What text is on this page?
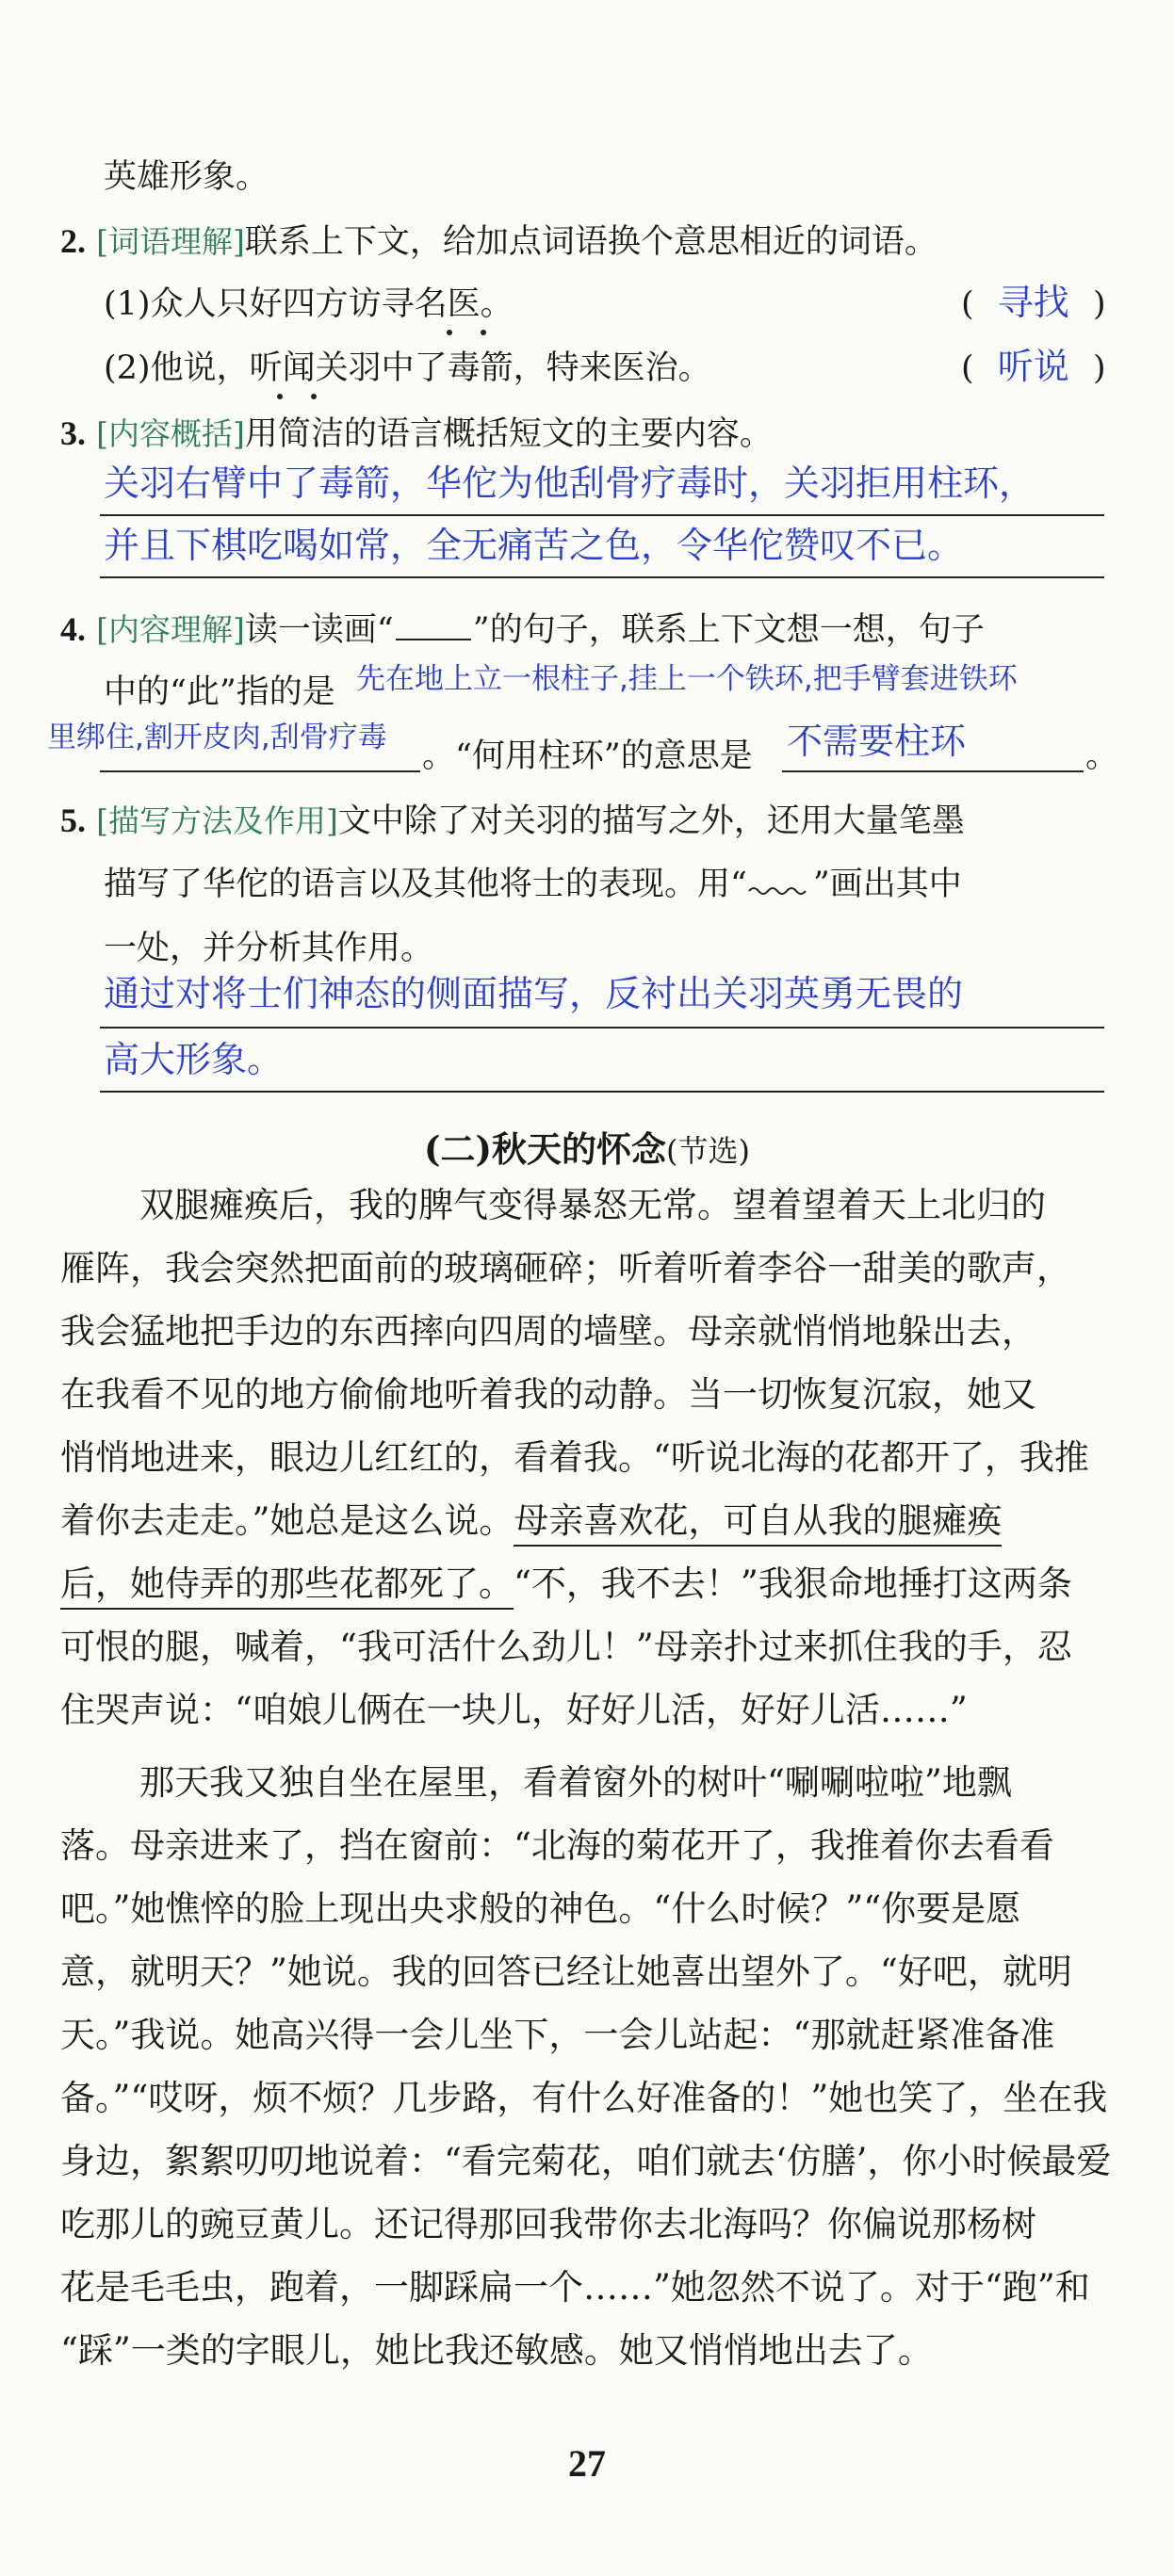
英雄形象。
2. [词语理解]联系上下文，给加点词语换个意思相近的词语。
(1)众人只好四方访寻名医。	( 寻找 )
(2)他说，听闻关羽中了毒箭，特来医治。	( 听说 )
3. [内容概括]用简洁的语言概括短文的主要内容。
关羽右臂中了毒箭，华佗为他刮骨疗毒时，关羽拒用柱环，
并且下棋吃喝如常，全无痛苦之色，令华佗赞叹不已。
4. [内容理解]读一读画“ ”的句子，联系上下文想一想，句子
中的“此”指的是 先在地上立一根柱子,挂上一个铁环,把手臂套进铁环
里绑住,割开皮肉,刮骨疗毒 。“何用柱环”的意思是 不需要柱环	。
5. [描写方法及作用]文中除了对关羽的描写之外，还用大量笔墨
描写了华佗的语言以及其他将士的表现。用“ ”画出其中
一处，并分析其作用。
通过对将士们神态的侧面描写，反衬出关羽英勇无畏的
高大形象。
(二)秋天的怀念(节选)
双腿瘫痪后，我的脾气变得暴怒无常。望着望着天上北归的
雁阵，我会突然把面前的玻璃砸碎；听着听着李谷一甜美的歌声，
我会猛地把手边的东西摔向四周的墙壁。母亲就悄悄地躲出去，
在我看不见的地方偷偷地听着我的动静。当一切恢复沉寂，她又
悄悄地进来，眼边儿红红的，看着我。“听说北海的花都开了，我推
着你去走走。”她总是这么说。母亲喜欢花，可自从我的腿瘫痪
后，她侍弄的那些花都死了。“不，我不去！”我狠命地捶打这两条
可恨的腿，喊着，“我可活什么劲儿！”母亲扑过来抓住我的手，忍
住哭声说：“咱娘儿俩在一块儿，好好儿活，好好儿活……”
那天我又独自坐在屋里，看着窗外的树叶“唰唰啦啦”地飘
落。母亲进来了，挡在窗前：“北海的菊花开了，我推着你去看看
吧。”她憔悴的脸上现出央求般的神色。“什么时候？”“你要是愿
意，就明天？”她说。我的回答已经让她喜出望外了。“好吧，就明
天。”我说。她高兴得一会儿坐下，一会儿站起：“那就赶紧准备准
备。”“哎呀，烦不烦？几步路，有什么好准备的！”她也笑了，坐在我
身边，絮絮叨叨地说着：“看完菊花，咱们就去‘仿膳’，你小时候最爱
吃那儿的豌豆黄儿。还记得那回我带你去北海吗？你偏说那杨树
花是毛毛虫，跑着，一脚踩扁一个……”她忽然不说了。对于“跑”和
“踩”一类的字眼儿，她比我还敏感。她又悄悄地出去了。
27
